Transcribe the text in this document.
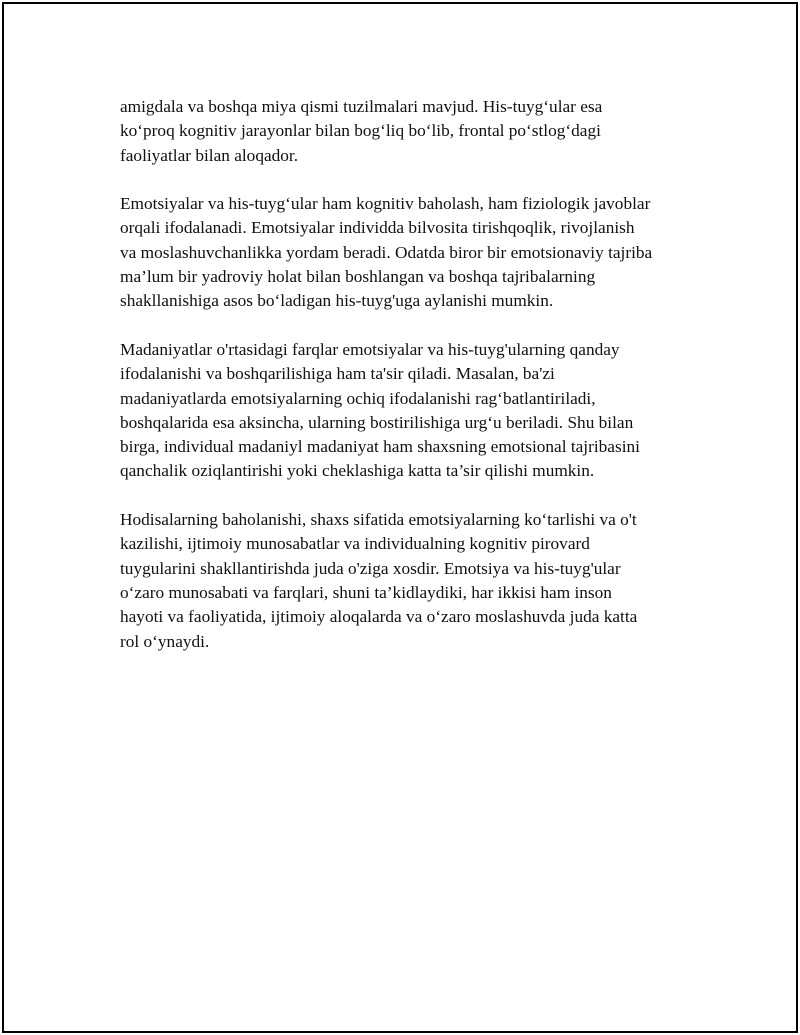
amigdala va boshqa miya qismi tuzilmalari mavjud. His-tuyg‘ular esa
ko‘proq kognitiv jarayonlar bilan bog‘liq bo‘lib, frontal po‘stlog‘dagi
faoliyatlar bilan aloqador.

Emotsiyalar va his-tuyg‘ular ham kognitiv baholash, ham fiziologik javoblar
orqali ifodalanadi. Emotsiyalar individda bilvosita tirishqoqlik, rivojlanish
va moslashuvchanlikka yordam beradi. Odatda biror bir emotsionaviy tajriba
ma’lum bir yadroviy holat bilan boshlangan va boshqa tajribalarning
shakllanishiga asos bo‘ladigan his-tuyg'uga aylanishi mumkin.

Madaniyatlar o'rtasidagi farqlar emotsiyalar va his-tuyg'ularning qanday
ifodalanishi va boshqarilishiga ham ta'sir qiladi. Masalan, ba'zi
madaniyatlarda emotsiyalarning ochiq ifodalanishi rag‘batlantiriladi,
boshqalarida esa aksincha, ularning bostirilishiga urg‘u beriladi. Shu bilan
birga, individual madaniyl madaniyat ham shaxsning emotsional tajribasini
qanchalik oziqlantirishi yoki cheklashiga katta ta’sir qilishi mumkin.

Hodisalarning baholanishi, shaxs sifatida emotsiyalarning ko‘tarlishi va o't
kazilishi, ijtimoiy munosabatlar va individualning kognitiv pirovard
tuygularini shakllantirishda juda o'ziga xosdir. Emotsiya va his-tuyg'ular
o‘zaro munosabati va farqlari, shuni ta’kidlaydiki, har ikkisi ham inson
hayoti va faoliyatida, ijtimoiy aloqalarda va o‘zaro moslashuvda juda katta
rol o‘ynaydi.
